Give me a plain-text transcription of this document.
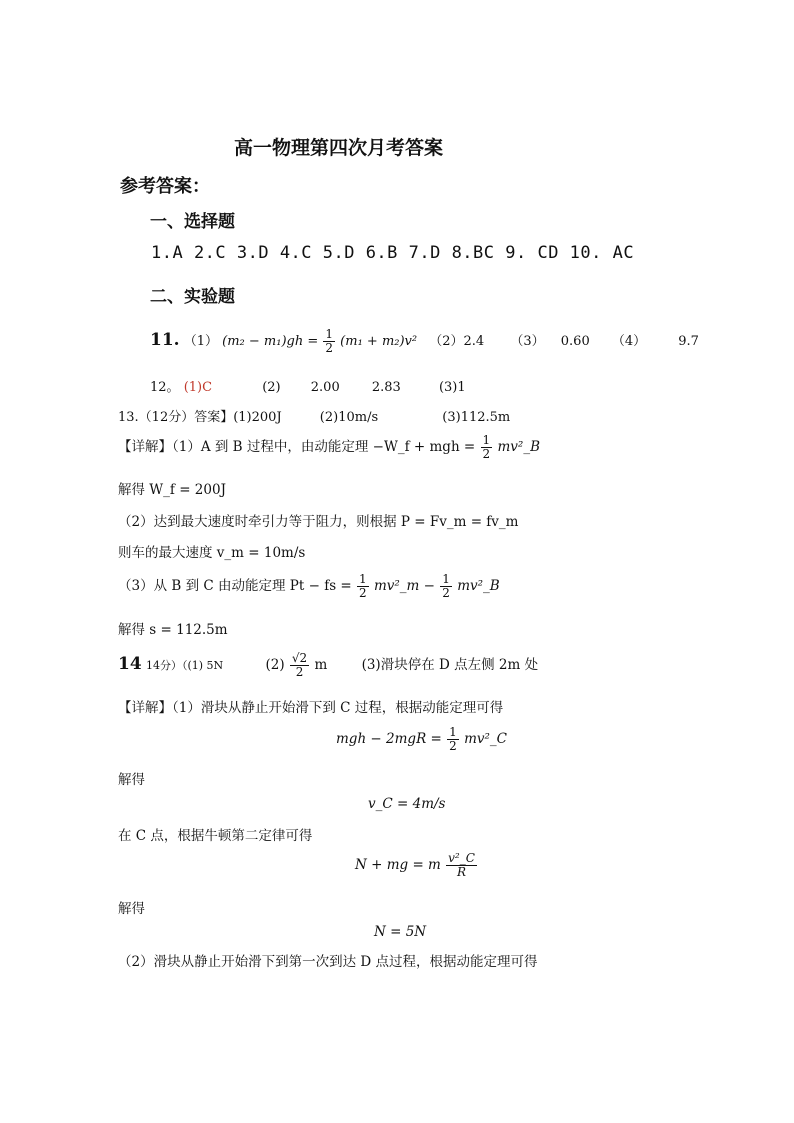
高一物理第四次月考答案
参考答案：
一、选择题
1.A 2.C 3.D 4.C 5.D 6.B 7.D 8.BC 9. CD 10. AC
二、实验题
11. （1） $(m_2 - m_1)gh = \frac{1}{2} (m_1 + m_2)v^2$ （2）2.4 （3） 0.60 （4） 9.7
12。 (1)C	(2) 2.00 2.83	(3)1
13.（12分）答案】(1)200J	(2)10m/s	(3)112.5m
【详解】（1）A 到 B 过程中，由动能定理 −W_f + mgh = $\frac{1}{2}$ mv²_B
解得 W_f = 200J
（2）达到最大速度时牵引力等于阻力，则根据 P = Fv_m = fv_m
则车的最大速度 v_m = 10m/s
（3）从 B 到 C 由动能定理 Pt − fs = $\frac{1}{2}$ mv²_m − $\frac{1}{2}$ mv²_B
解得 s = 112.5m
14 14分）（(1) 5N	$(2) \frac{√2}{2}$ m	(3)滑块停在 D 点左侧 2m 处
【详解】（1）滑块从静止开始滑下到 C 过程，根据动能定理可得
mgh − $2mgR = \frac{1}{2}$ mv²_C
解得
v_C = 4m/s
在 C 点，根据牛顿第二定律可得
N + mg = m $\frac{\text{v²\_C}}{R}$
解得
N = 5N
（2）滑块从静止开始滑下到第一次到达 D 点过程，根据动能定理可得
